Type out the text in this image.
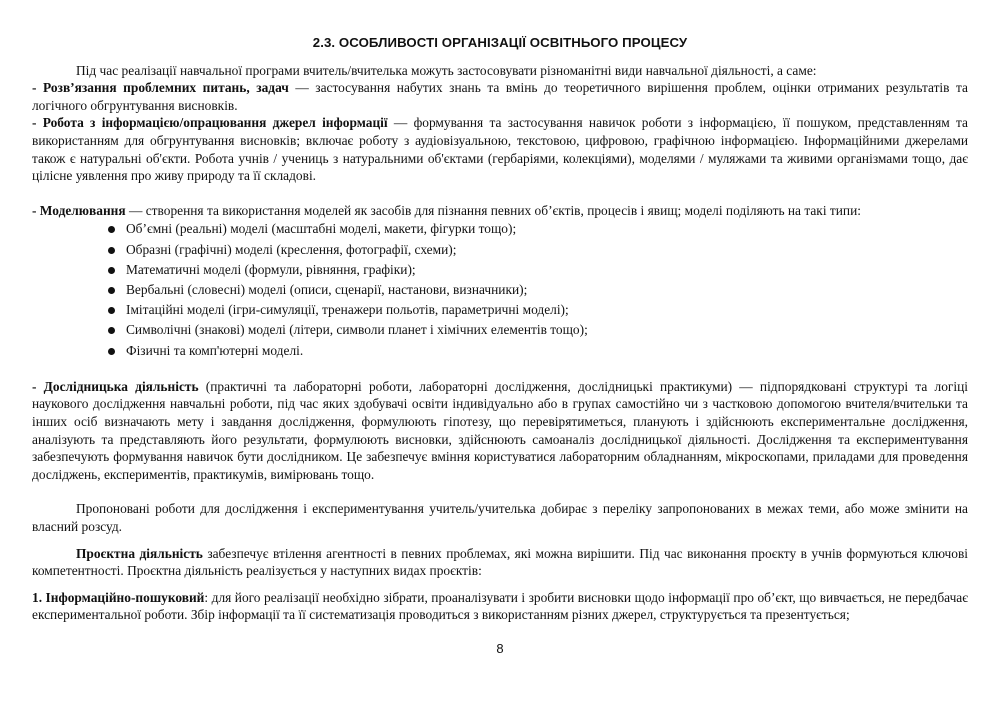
2.3. ОСОБЛИВОСТІ ОРГАНІЗАЦІЇ ОСВІТНЬОГО ПРОЦЕСУ

Під час реалізації навчальної програми вчитель/вчителька можуть застосовувати різноманітні види навчальної діяльності, а саме:

- Розв’язання проблемних питань, задач — застосування набутих знань та вмінь до теоретичного вирішення проблем, оцінки отриманих результатів та логічного обгрунтування висновків.

- Робота з інформацією/опрацювання джерел інформації — формування та застосування навичок роботи з інформацією, її пошуком, представленням та використанням для обгрунтування висновків; включає роботу з аудіовізуальною, текстовою, цифровою, графічною інформацією. Інформаційними джерелами також є натуральні об'єкти. Робота учнів / учениць з натуральними об'єктами (гербаріями, колекціями), моделями / муляжами та живими організмами тощо, дає цілісне уявлення про живу природу та її складові.

- Моделювання — створення та використання моделей як засобів для пізнання певних об’єктів, процесів і явищ; моделі поділяють на такі типи:

Об’ємні (реальні) моделі (масштабні моделі, макети, фігурки тощо);
Образні (графічні) моделі (креслення, фотографії, схеми);
Математичні моделі (формули, рівняння, графіки);
Вербальні (словесні) моделі (описи, сценарії, настанови, визначники);
Імітаційні моделі (ігри-симуляції, тренажери польотів, параметричні моделі);
Символічні (знакові) моделі (літери, символи планет і хімічних елементів тощо);
Фізичні та комп'ютерні моделі.

- Дослідницька діяльність (практичні та лабораторні роботи, лабораторні дослідження, дослідницькі практикуми) — підпорядковані структурі та логіці наукового дослідження навчальні роботи, під час яких здобувачі освіти індивідуально або в групах самостійно чи з частковою допомогою вчителя/вчительки та інших осіб визначають мету і завдання дослідження, формулюють гіпотезу, що перевірятиметься, планують і здійснюють експериментальне дослідження, аналізують та представляють його результати, формулюють висновки, здійснюють самоаналіз дослідницької діяльності. Дослідження та експериментування забезпечують формування навичок бути дослідником. Це забезпечує вміння користуватися лабораторним обладнанням, мікроскопами, приладами для проведення досліджень, експериментів, практикумів, вимірювань тощо.

Пропоновані роботи для дослідження і експериментування учитель/учителька добирає з переліку запропонованих в межах теми, або може змінити на власний розсуд.

Проєктна діяльність забезпечує втілення агентності в певних проблемах, які можна вирішити. Під час виконання проєкту в учнів формуються ключові компетентності. Проєктна діяльність реалізується у наступних видах проєктів:

1. Інформаційно-пошуковий: для його реалізації необхідно зібрати, проаналізувати і зробити висновки щодо інформації про об’єкт, що вивчається, не передбачає експериментальної роботи. Збір інформації та її систематизація проводиться з використанням різних джерел, структурується та презентується;

8
